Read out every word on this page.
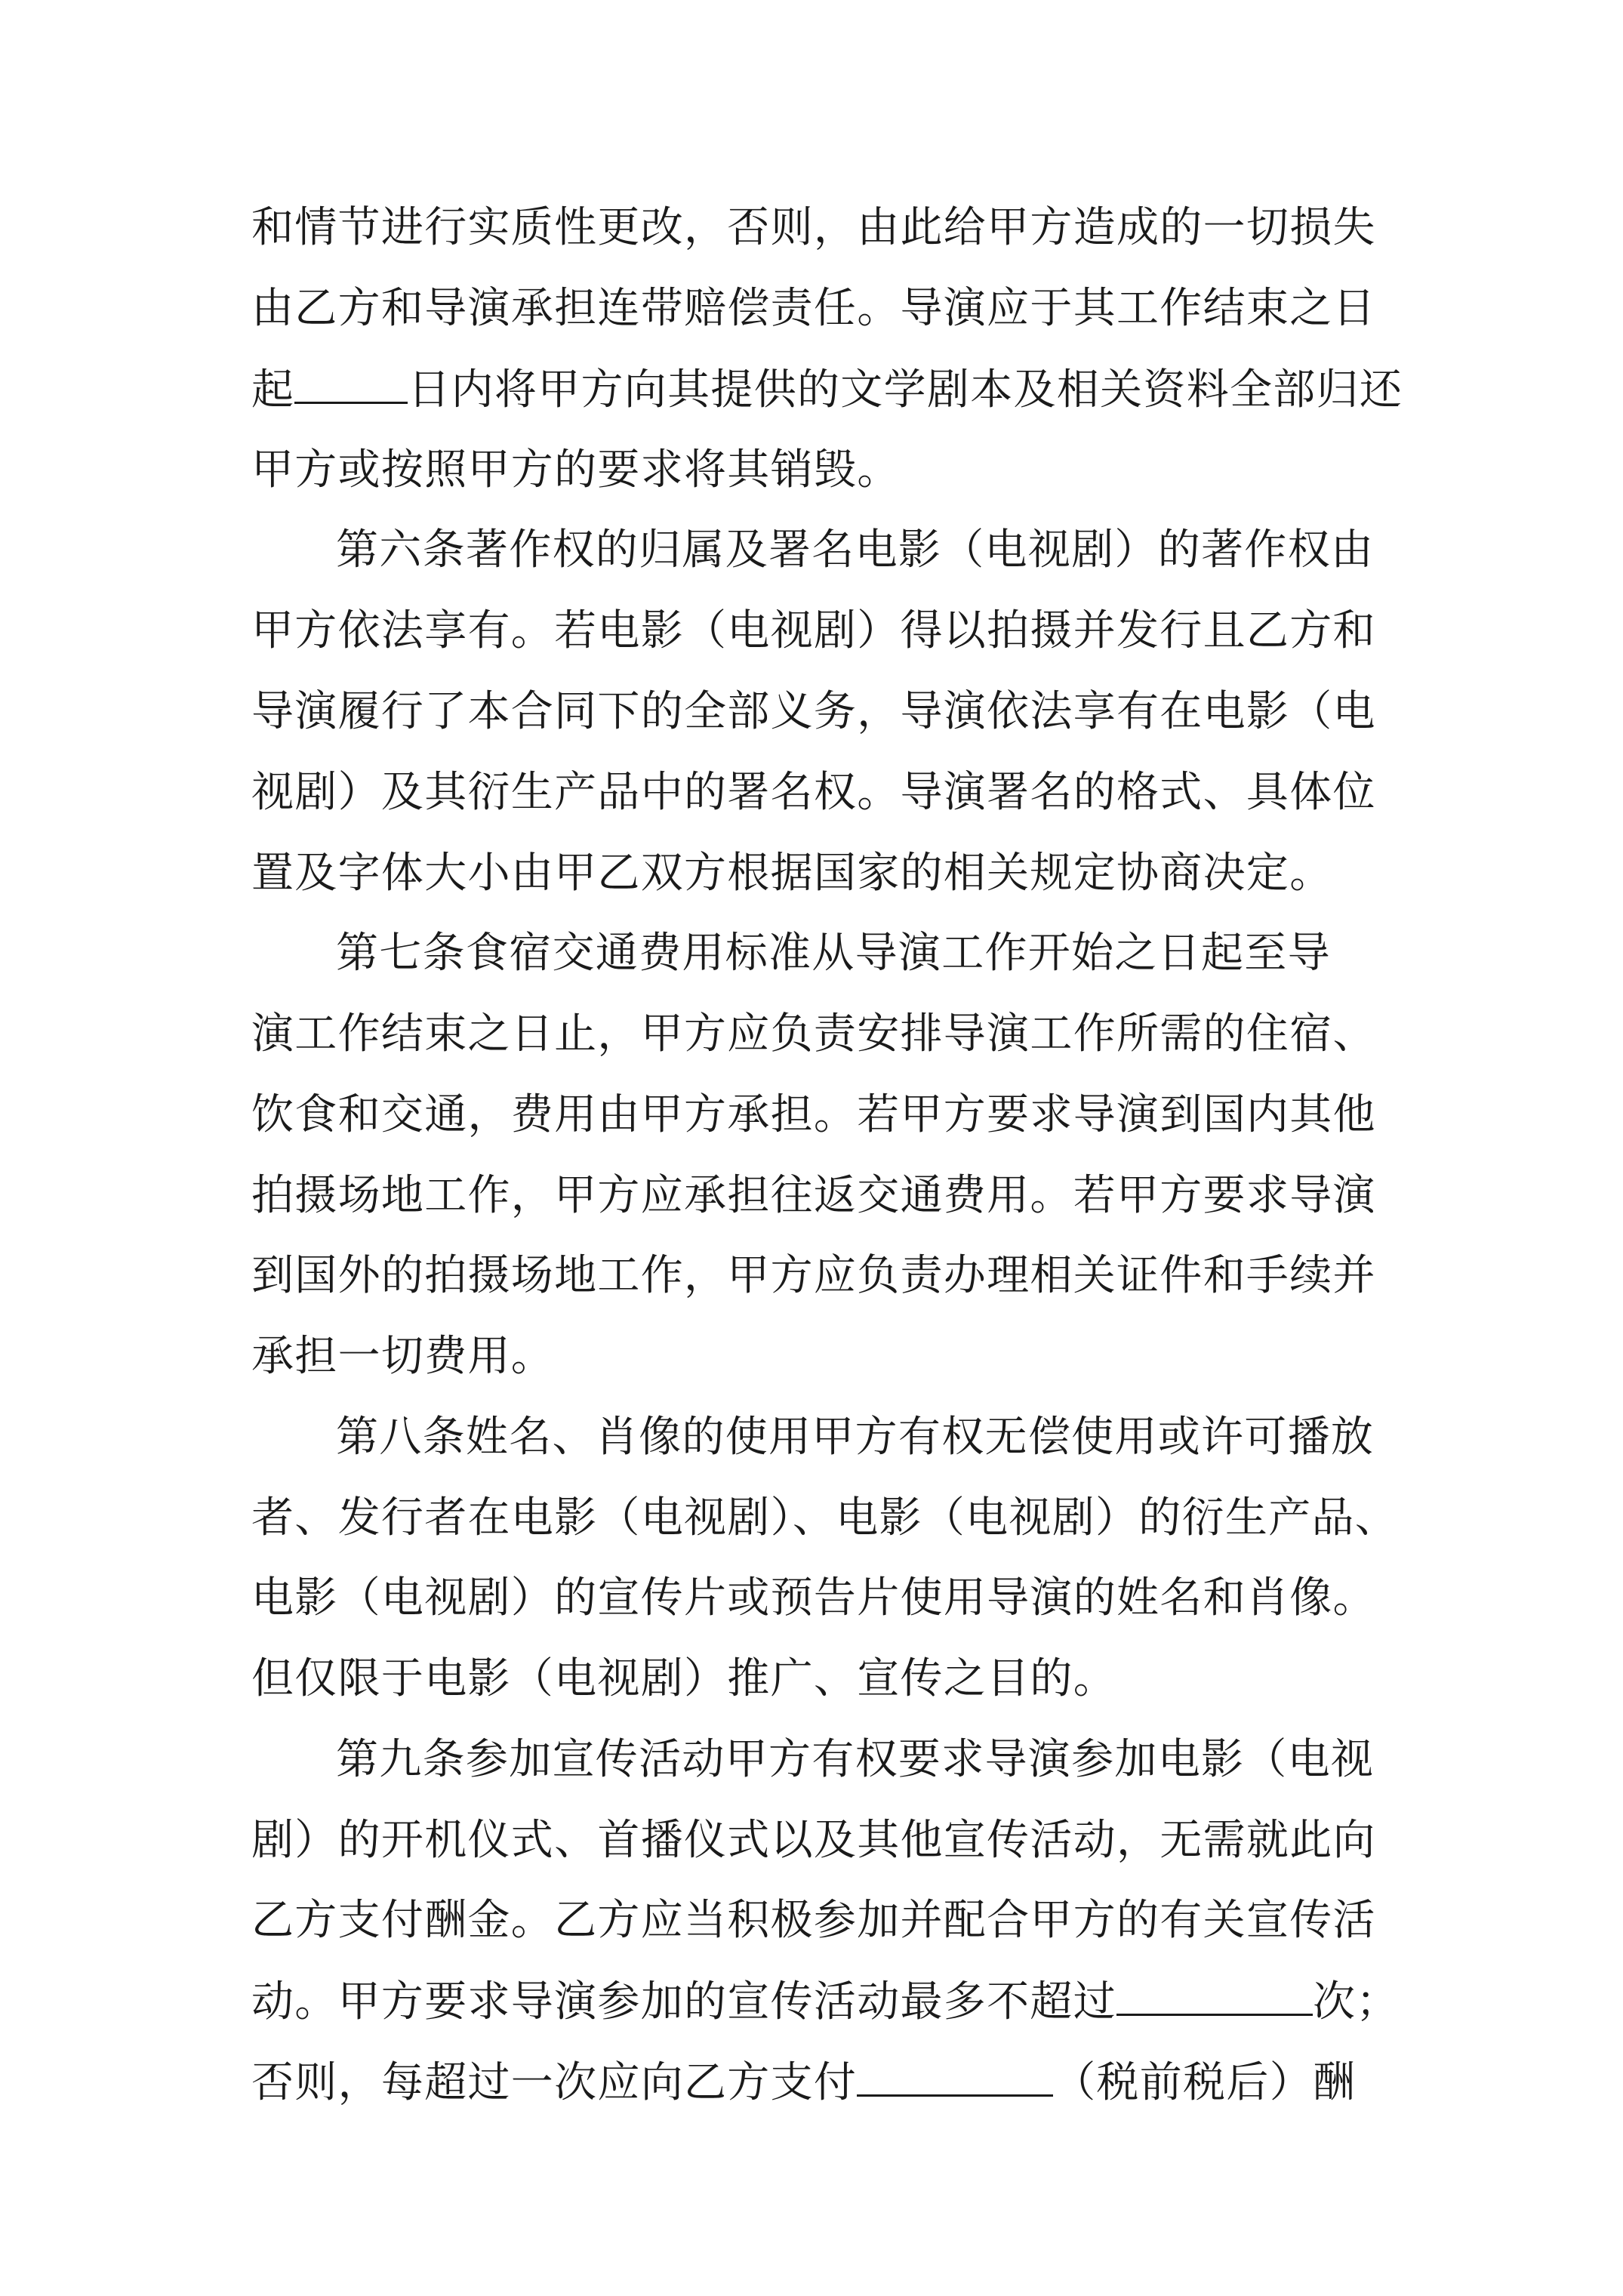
和情节进行实质性更改，否则，由此给甲方造成的一切损失
由乙方和导演承担连带赔偿责任。导演应于其工作结束之日
起	日内将甲方向其提供的文学剧本及相关资料全部归还
甲方或按照甲方的要求将其销毁。
第六条著作权的归属及署名电影（电视剧）的著作权由
甲方依法享有。若电影（电视剧）得以拍摄并发行且乙方和
导演履行了本合同下的全部义务，导演依法享有在电影（电
视剧）及其衍生产品中的署名权。导演署名的格式、具体位
置及字体大小由甲乙双方根据国家的相关规定协商决定。
第七条食宿交通费用标准从导演工作开始之日起至导
演工作结束之日止，甲方应负责安排导演工作所需的住宿、
饮食和交通，费用由甲方承担。若甲方要求导演到国内其他
拍摄场地工作，甲方应承担往返交通费用。若甲方要求导演
到国外的拍摄场地工作，甲方应负责办理相关证件和手续并
承担一切费用。
第八条姓名、肖像的使用甲方有权无偿使用或许可播放
者、发行者在电影（电视剧）、电影（电视剧）的衍生产品、
电影（电视剧）的宣传片或预告片使用导演的姓名和肖像。
但仅限于电影（电视剧）推广、宣传之目的。
第九条参加宣传活动甲方有权要求导演参加电影（电视
剧）的开机仪式、首播仪式以及其他宣传活动，无需就此向
乙方支付酬金。乙方应当积极参加并配合甲方的有关宣传活
动。甲方要求导演参加的宣传活动最多不超过	次；
否则，每超过一次应向乙方支付	（税前税后）酬
